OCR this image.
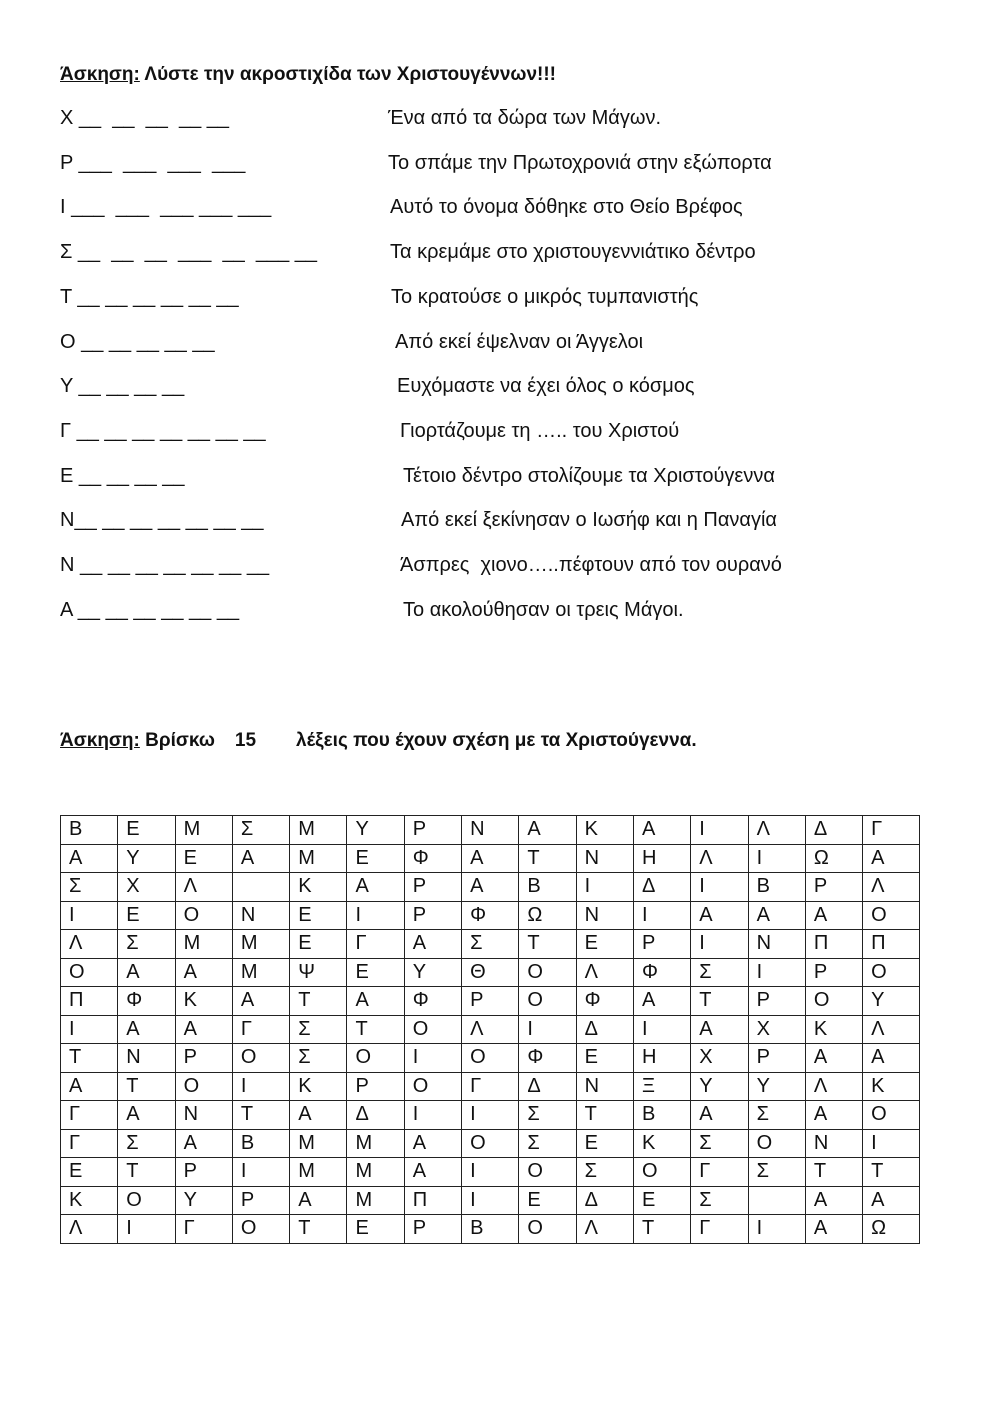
Άσκηση: Λύστε την ακροστιχίδα των Χριστουγέννων!!!
Χ __  __  __  __ __	Ένα από τα δώρα των Μάγων.
Ρ ___  ___  ___  ___	Το σπάμε την Πρωτοχρονιά στην εξώπορτα
Ι ___  ___  ___ ___ ___	Αυτό το όνομα δόθηκε στο Θείο Βρέφος
Σ __  __  __  ___  __  ___ __	Τα κρεμάμε στο χριστουγεννιάτικο δέντρο
Τ __ __ __ __ __ __	Το κρατούσε ο μικρός τυμπανιστής
Ο __ __ __ __ __	Από εκεί έψελναν οι Άγγελοι
Υ __ __ __ __	Ευχόμαστε να έχει όλος ο κόσμος
Γ __ __ __ __ __ __ __	Γιορτάζουμε τη ….. του Χριστού
Ε __ __ __ __	Τέτοιο δέντρο στολίζουμε τα Χριστούγεννα
Ν__ __ __ __ __ __ __	Από εκεί ξεκίνησαν ο Ιωσήφ και η Παναγία
Ν __ __ __ __ __ __ __	Άσπρες  χιονο…..πέφτουν από τον ουρανό
Α __ __ __ __ __ __	Το ακολούθησαν οι τρεις Μάγοι.
Άσκηση: Βρίσκω 15 λέξεις που έχουν σχέση με τα Χριστούγεννα.
Β	Ε	Μ	Σ	Μ	Υ	Ρ	Ν	Α	Κ	Α	Ι	Λ	Δ	Γ
Α	Υ	Ε	Α	Μ	Ε	Φ	Α	Τ	Ν	Η	Λ	Ι	Ω	Α
Σ	Χ	Λ		Κ	Α	Ρ	Α	Β	Ι	Δ	Ι	Β	Ρ	Λ
Ι	Ε	Ο	Ν	Ε	Ι	Ρ	Φ	Ω	Ν	Ι	Α	Α	Α	Ο
Λ	Σ	Μ	Μ	Ε	Γ	Α	Σ	Τ	Ε	Ρ	Ι	Ν	Π	Π
Ο	Α	Α	Μ	Ψ	Ε	Υ	Θ	Ο	Λ	Φ	Σ	Ι	Ρ	Ο
Π	Φ	Κ	Α	Τ	Α	Φ	Ρ	Ο	Φ	Α	Τ	Ρ	Ο	Υ
Ι	Α	Α	Γ	Σ	Τ	Ο	Λ	Ι	Δ	Ι	Α	Χ	Κ	Λ
Τ	Ν	Ρ	Ο	Σ	Ο	Ι	Ο	Φ	Ε	Η	Χ	Ρ	Α	Α
Α	Τ	Ο	Ι	Κ	Ρ	Ο	Γ	Δ	Ν	Ξ	Υ	Υ	Λ	Κ
Γ	Α	Ν	Τ	Α	Δ	Ι	Ι	Σ	Τ	Β	Α	Σ	Α	Ο
Γ	Σ	Α	Β	Μ	Μ	Α	Ο	Σ	Ε	Κ	Σ	Ο	Ν	Ι
Ε	Τ	Ρ	Ι	Μ	Μ	Α	Ι	Ο	Σ	Ο	Γ	Σ	Τ	Τ
Κ	Ο	Υ	Ρ	Α	Μ	Π	Ι	Ε	Δ	Ε	Σ		Α	Α
Λ	Ι	Γ	Ο	Τ	Ε	Ρ	Β	Ο	Λ	Τ	Γ	Ι	Α	Ω
